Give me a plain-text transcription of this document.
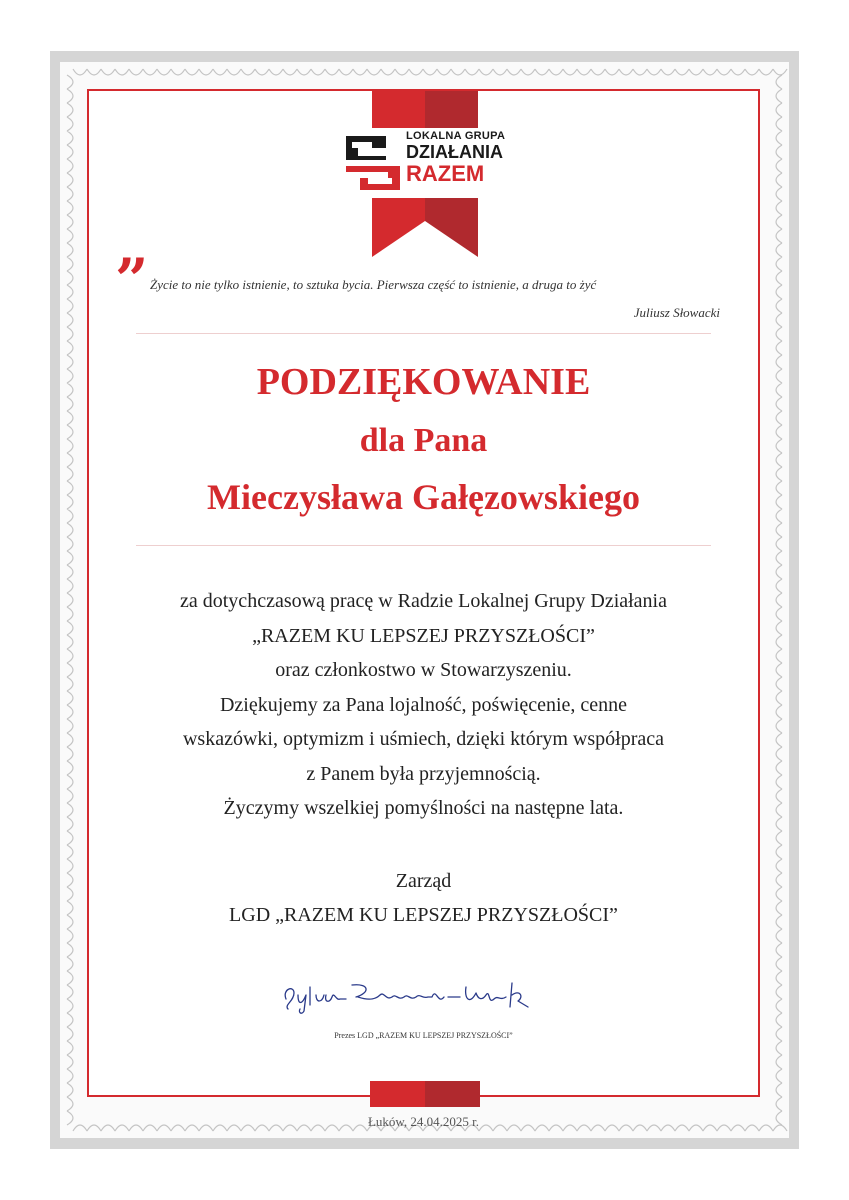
LOKALNA GRUPA
DZIAŁANIA
RAZEM
” Życie to nie tylko istnienie, to sztuka bycia. Pierwsza część to istnienie, a druga to żyć
Juliusz Słowacki
PODZIĘKOWANIE
dla Pana
Mieczysława Gałęzowskiego
za dotychczasową pracę w Radzie Lokalnej Grupy Działania
„RAZEM KU LEPSZEJ PRZYSZŁOŚCI”
oraz członkostwo w Stowarzyszeniu.
Dziękujemy za Pana lojalność, poświęcenie, cenne
wskazówki, optymizm i uśmiech, dzięki którym współpraca
z Panem była przyjemnością.
Życzymy wszelkiej pomyślności na następne lata.
Zarząd
LGD „RAZEM KU LEPSZEJ PRZYSZŁOŚCI”
Prezes LGD „RAZEM KU LEPSZEJ PRZYSZŁOŚCI”
Łuków, 24.04.2025 r.
